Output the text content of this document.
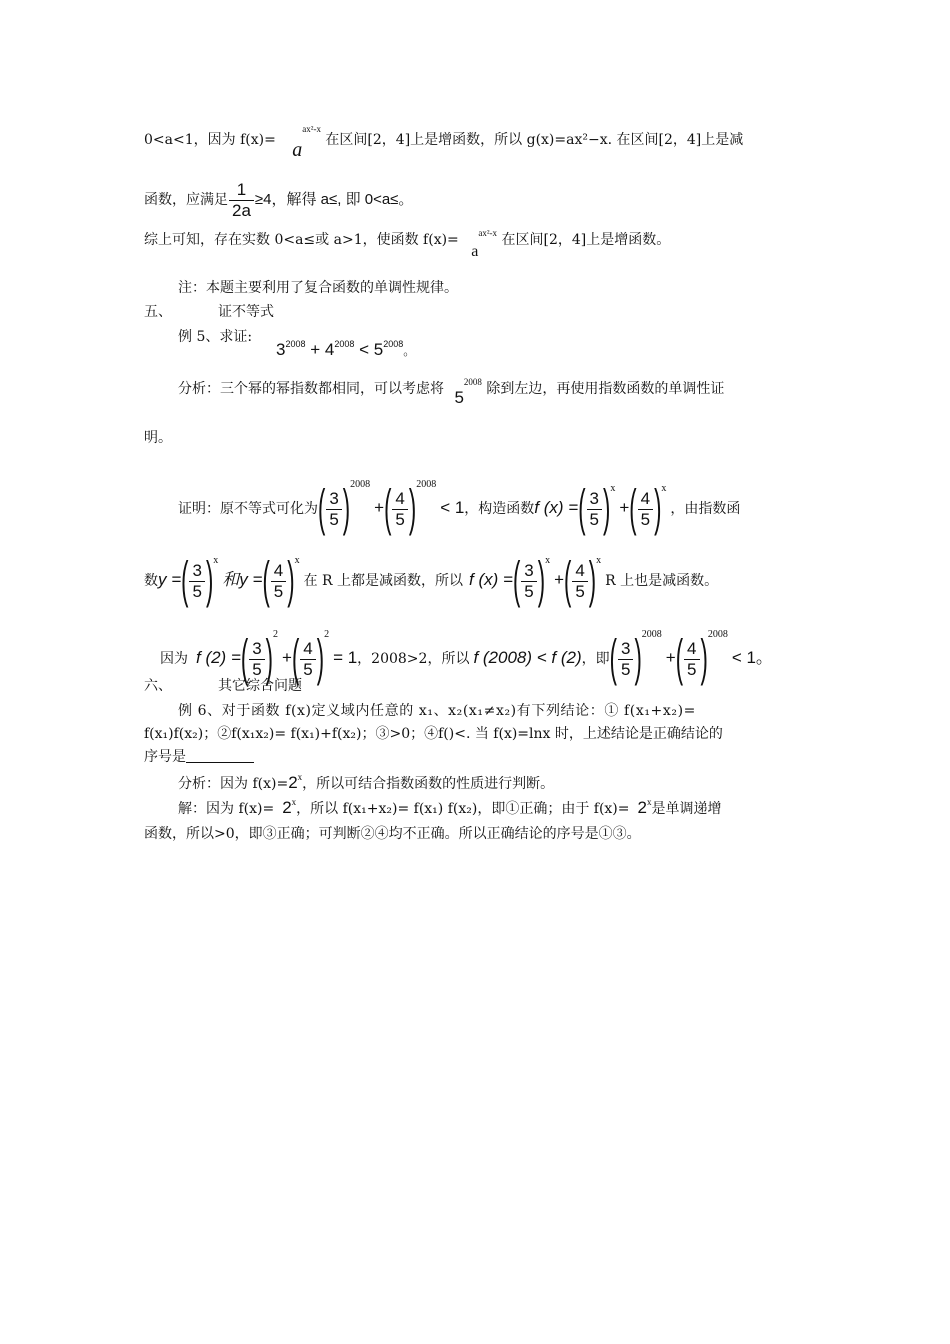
0<a<1，因为 $f(x)= a^{ax^2-x}$ 在区间[2，4]上是增函数，所以 g(x)=ax²−x. 在区间[2，4]上是减
函数，应满足 $\frac{1}{2a} \ge 4$，解得 a≤, 即 0<a≤。
综上可知，存在实数 0<a≤或 a>1，使函数 $f(x)= a^{ax^2-x}$ 在区间[2，4]上是增函数。
注：本题主要利用了复合函数的单调性规律。
五、	证不等式
例 5、求证:
$3^{2008} + 4^{2008} < 5^{2008}$。
分析：三个幂的幂指数都相同，可以考虑将 $5^{2008}$ 除到左边，再使用指数函数的单调性证
明。
证明：原不等式可化为( $\frac{3}{5} )^{2008}+( \frac{4}{5} )^{2008}< 1$，构造函数f (x) =( $\frac{3}{5} )^x+( \frac{4}{5} )^x$，由指数函
数y =( $\frac{3}{5} )^x$和y =( $\frac{4}{5} )^x$在 R 上都是减函数，所以 f (x) =( $\frac{3}{5} )^x+( \frac{4}{5} )^xR$ 上也是减函数。
因为 f (2) =( $\frac{3}{5} )^2+( \frac{4}{5} )^2= 1$，2008>2，所以 f (2008) < f (2)，即( $\frac{3}{5} )^{2008}+( \frac{4}{5} )^{2008}< 1$。
六、	其它综合问题
例 6、对于函数 f(x)定义域内任意的 x₁、x₂(x₁≠x₂)有下列结论：① f(x₁+x₂)=
f(x₁)f(x₂)；②f(x₁x₂)= f(x₁)+f(x₂)；③>0；④f()<. 当 f(x)=lnx 时，上述结论是正确结论的
序号是
分析：因为 $f(x)=2^x$，所以可结合指数函数的性质进行判断。
解：因为 $f(x)= 2^x$，所以 f(x₁+x₂)= f(x₁) f(x₂)，即①正确；由于 $f(x)= 2^x$是单调递增
函数，所以>0，即③正确；可判断②④均不正确。所以正确结论的序号是①③。
